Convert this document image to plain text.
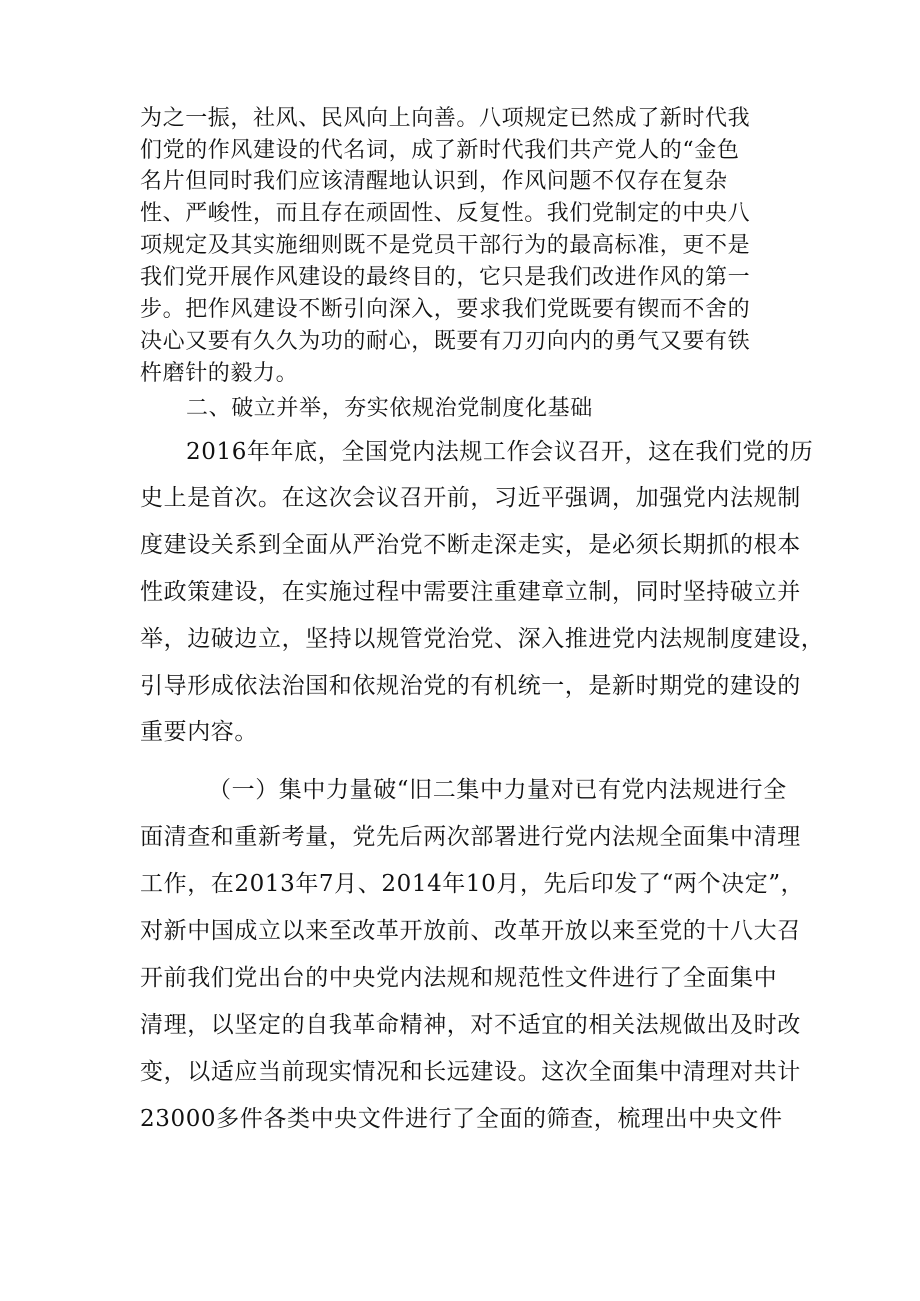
为之一振，社风、民风向上向善。八项规定已然成了新时代我
们党的作风建设的代名词，成了新时代我们共产党人的“金色
名片但同时我们应该清醒地认识到，作风问题不仅存在复杂
性、严峻性，而且存在顽固性、反复性。我们党制定的中央八
项规定及其实施细则既不是党员干部行为的最高标准，更不是
我们党开展作风建设的最终目的，它只是我们改进作风的第一
步。把作风建设不断引向深入，要求我们党既要有锲而不舍的
决心又要有久久为功的耐心，既要有刀刃向内的勇气又要有铁
杵磨针的毅力。
二、破立并举，夯实依规治党制度化基础
2016年年底，全国党内法规工作会议召开，这在我们党的历
史上是首次。在这次会议召开前，习近平强调，加强党内法规制
度建设关系到全面从严治党不断走深走实，是必须长期抓的根本
性政策建设，在实施过程中需要注重建章立制，同时坚持破立并
举，边破边立，坚持以规管党治党、深入推进党内法规制度建设，
引导形成依法治国和依规治党的有机统一，是新时期党的建设的
重要内容。
（一）集中力量破“旧二集中力量对已有党内法规进行全
面清查和重新考量，党先后两次部署进行党内法规全面集中清理
工作，在2013年7月、2014年10月，先后印发了“两个决定”，
对新中国成立以来至改革开放前、改革开放以来至党的十八大召
开前我们党出台的中央党内法规和规范性文件进行了全面集中
清理，以坚定的自我革命精神，对不适宜的相关法规做出及时改
变，以适应当前现实情况和长远建设。这次全面集中清理对共计
23000多件各类中央文件进行了全面的筛查，梳理出中央文件
